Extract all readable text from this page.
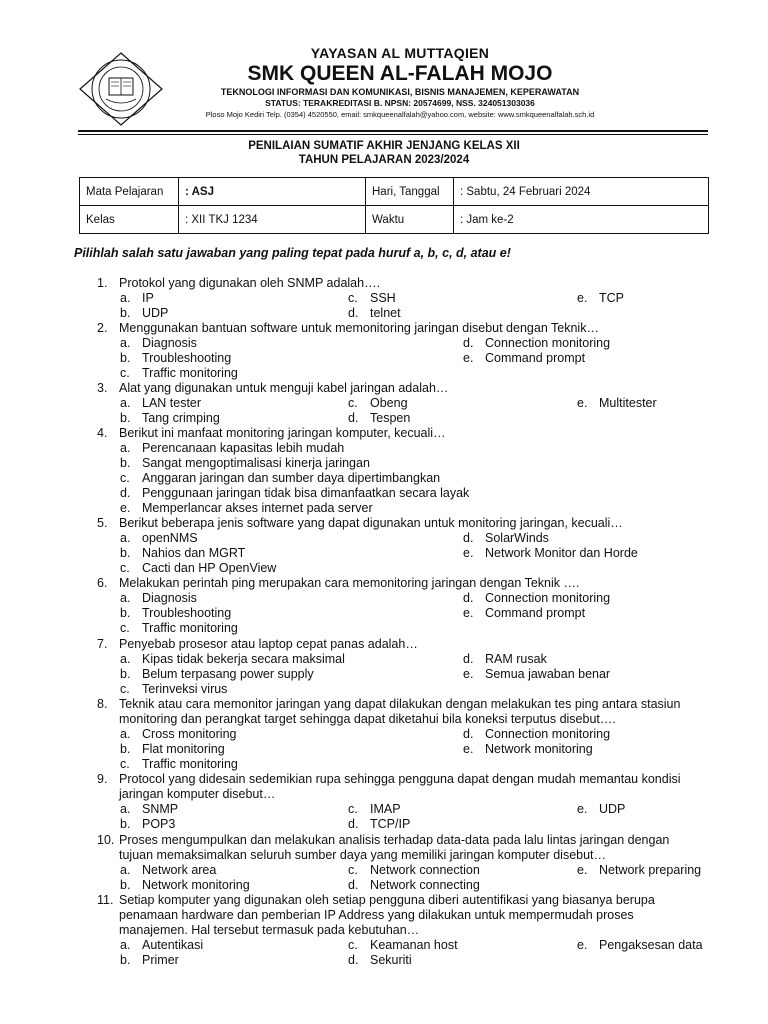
YAYASAN AL MUTTAQIEN
SMK QUEEN AL-FALAH MOJO
TEKNOLOGI INFORMASI DAN KOMUNIKASI, BISNIS MANAJEMEN, KEPERAWATAN
STATUS: TERAKREDITASI B. NPSN: 20574699, NSS. 324051303036
Ploso Mojo Kediri Telp. (0354) 4520550, email: smkqueenalfalah@yahoo.com, website: www.smkqueenalfalah.sch.id
PENILAIAN SUMATIF AKHIR JENJANG KELAS XII
TAHUN PELAJARAN 2023/2024
Mata Pelajaran	: ASJ	Hari, Tanggal	: Sabtu, 24 Februari 2024
Kelas	: XII TKJ 1234	Waktu	: Jam ke-2
Pilihlah salah satu jawaban yang paling tepat pada huruf a, b, c, d, atau e!
1. Protokol yang digunakan oleh SNMP adalah….
a. IP
b. UDP
c. SSH
d. telnet
e. TCP
2. Menggunakan bantuan software untuk memonitoring jaringan disebut dengan Teknik…
a. Diagnosis
b. Troubleshooting
c. Traffic monitoring
d. Connection monitoring
e. Command prompt
3. Alat yang digunakan untuk menguji kabel jaringan adalah…
a. LAN tester
b. Tang crimping
c. Obeng
d. Tespen
e. Multitester
4. Berikut ini manfaat monitoring jaringan komputer, kecuali…
a. Perencanaan kapasitas lebih mudah
b. Sangat mengoptimalisasi kinerja jaringan
c. Anggaran jaringan dan sumber daya dipertimbangkan
d. Penggunaan jaringan tidak bisa dimanfaatkan secara layak
e. Memperlancar akses internet pada server
5. Berikut beberapa jenis software yang dapat digunakan untuk monitoring jaringan, kecuali…
a. openNMS
b. Nahios dan MGRT
c. Cacti dan HP OpenView
d. SolarWinds
e. Network Monitor dan Horde
6. Melakukan perintah ping merupakan cara memonitoring jaringan dengan Teknik ….
a. Diagnosis
b. Troubleshooting
c. Traffic monitoring
d. Connection monitoring
e. Command prompt
7. Penyebab prosesor atau laptop cepat panas adalah…
a. Kipas tidak bekerja secara maksimal
b. Belum terpasang power supply
c. Terinveksi virus
d. RAM rusak
e. Semua jawaban benar
8. Teknik atau cara memonitor jaringan yang dapat dilakukan dengan melakukan tes ping antara stasiun
monitoring dan perangkat target sehingga dapat diketahui bila koneksi terputus disebut….
a. Cross monitoring
b. Flat monitoring
c. Traffic monitoring
d. Connection monitoring
e. Network monitoring
9. Protocol yang didesain sedemikian rupa sehingga pengguna dapat dengan mudah memantau kondisi
jaringan komputer disebut…
a. SNMP
b. POP3
c. IMAP
d. TCP/IP
e. UDP
10. Proses mengumpulkan dan melakukan analisis terhadap data-data pada lalu lintas jaringan dengan
tujuan memaksimalkan seluruh sumber daya yang memiliki jaringan komputer disebut…
a. Network area
b. Network monitoring
c. Network connection
d. Network connecting
e. Network preparing
11. Setiap komputer yang digunakan oleh setiap pengguna diberi autentifikasi yang biasanya berupa
penamaan hardware dan pemberian IP Address yang dilakukan untuk mempermudah proses
manajemen. Hal tersebut termasuk pada kebutuhan…
a. Autentikasi
b. Primer
c. Keamanan host
d. Sekuriti
e. Pengaksesan data
